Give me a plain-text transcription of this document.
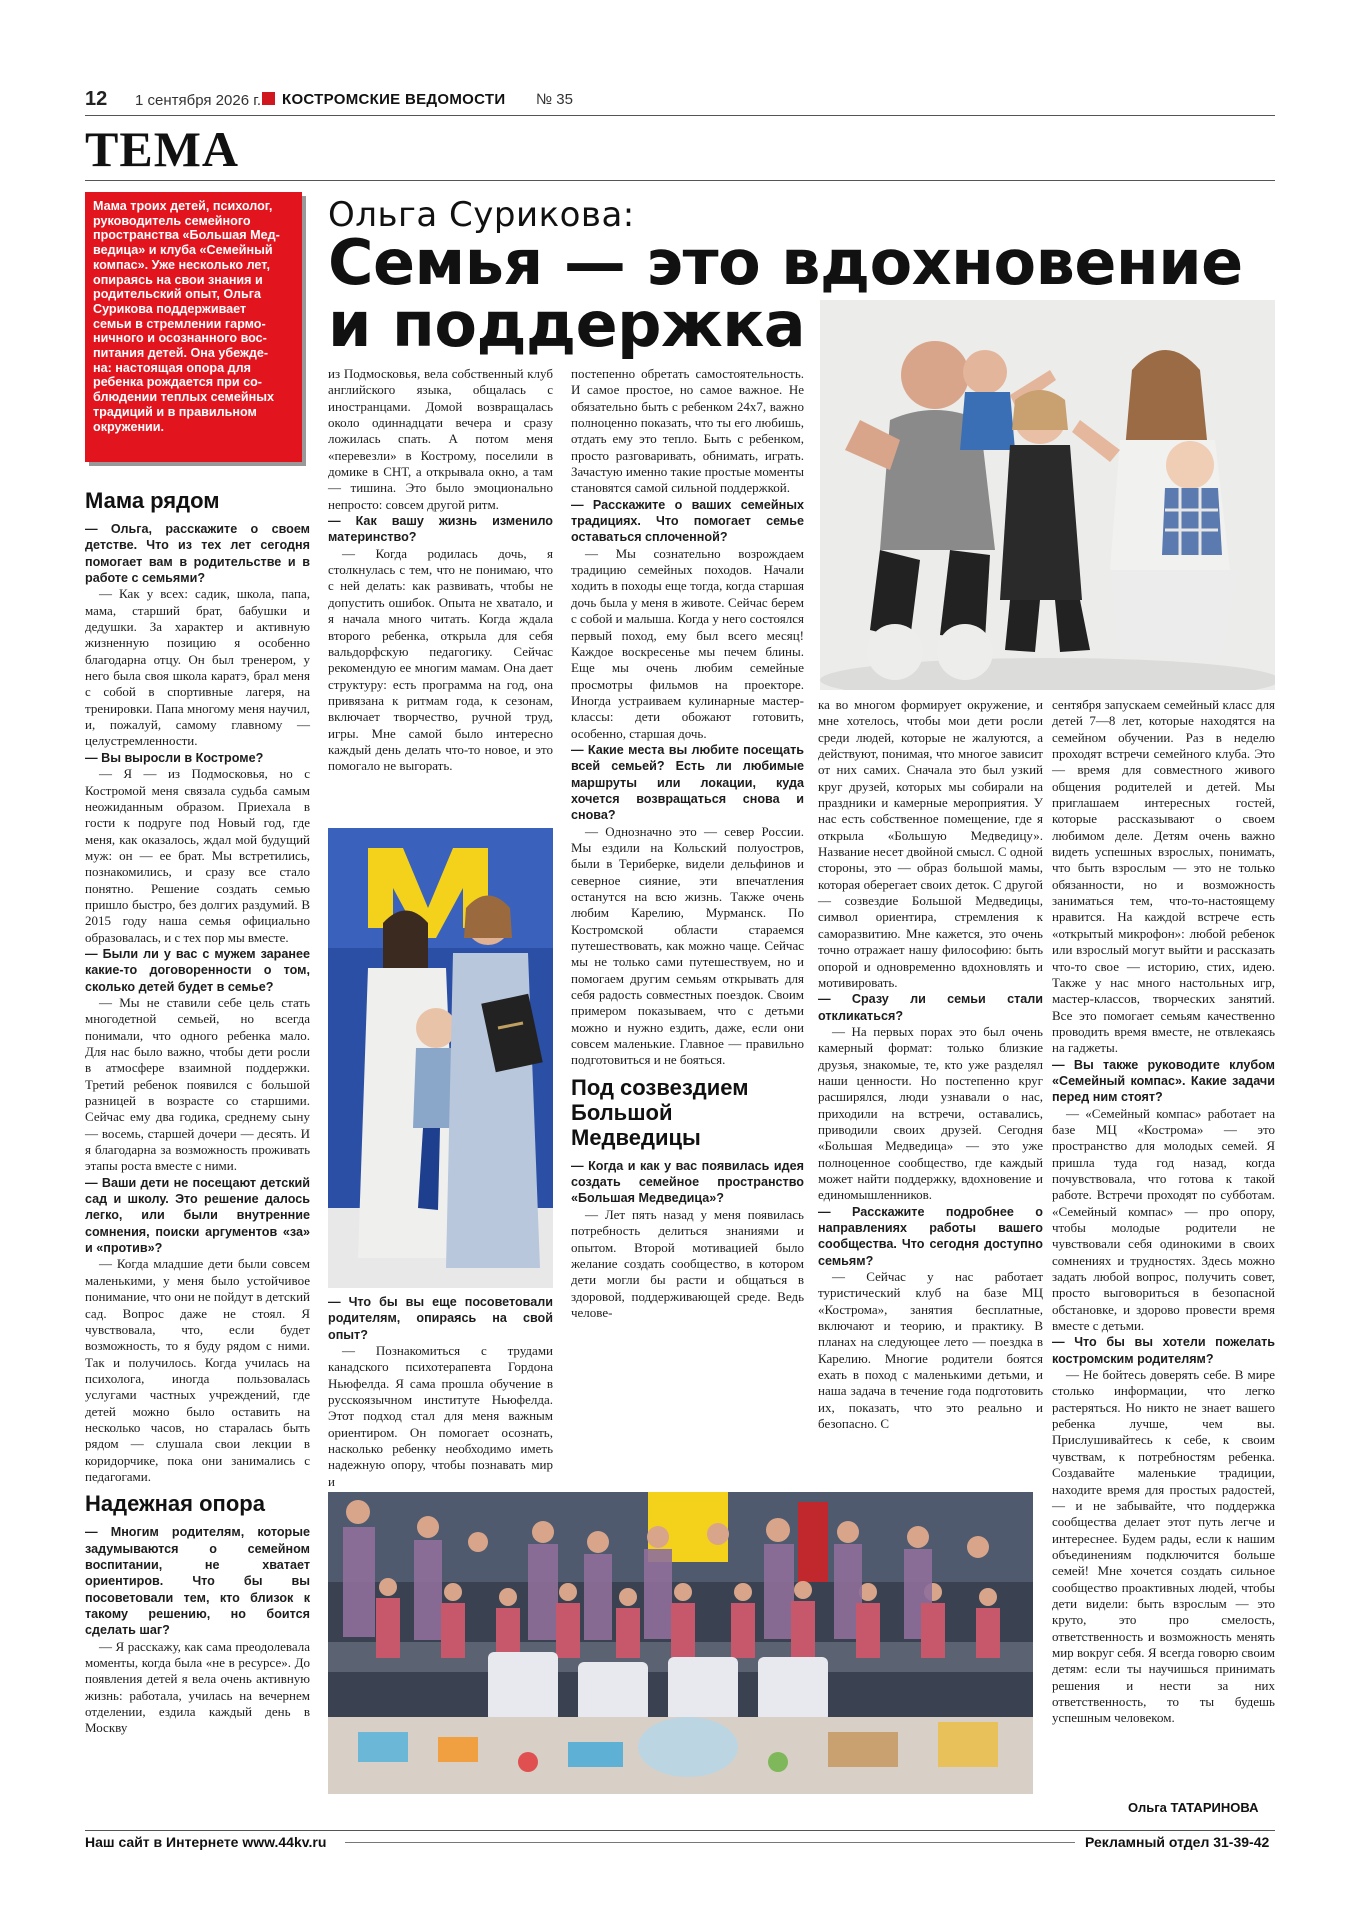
12 1 сентября 2026 г. КОСТРОМСКИЕ ВЕДОМОСТИ № 35
ТЕМА
Мама троих детей, психолог,
руководитель семейного
пространства «Большая Мед-
ведица» и клуба «Семейный
компас». Уже несколько лет,
опираясь на свои знания и
родительский опыт, Ольга
Сурикова поддерживает
семьи в стремлении гармо-
ничного и осознанного вос-
питания детей. Она убежде-
на: настоящая опора для
ребенка рождается при со-
блюдении теплых семейных
традиций и в правильном
окружении.
Ольга Сурикова:
Семья — это вдохновение
и поддержка
Мама рядом

— Ольга, расскажите о своем детстве. Что из тех лет сегодня помогает вам в родительстве и в работе с семьями?

— Как у всех: садик, школа, папа, мама, старший брат, бабушки и дедушки. За характер и активную жизненную позицию я особенно благодарна отцу. Он был тренером, у него была своя школа каратэ, брал меня с собой в спортивные лагеря, на тренировки. Папа многому меня научил, и, пожалуй, самому главному — целустремленности.

— Вы выросли в Костроме?

— Я — из Подмосковья, но с Костромой меня связала судьба самым неожиданным образом. Приехала в гости к подруге под Новый год, где меня, как оказалось, ждал мой будущий муж: он — ее брат. Мы встретились, познакомились, и сразу все стало понятно. Решение создать семью пришло быстро, без долгих раздумий. В 2015 году наша семья официально образовалась, и с тех пор мы вместе.

— Были ли у вас с мужем заранее какие-то договоренности о том, сколько детей будет в семье?

— Мы не ставили себе цель стать многодетной семьей, но всегда понимали, что одного ребенка мало. Для нас было важно, чтобы дети росли в атмосфере взаимной поддержки. Третий ребенок появился с большой разницей в возрасте со старшими. Сейчас ему два годика, среднему сыну — восемь, старшей дочери — десять. И я благодарна за возможность проживать этапы роста вместе с ними.

— Ваши дети не посещают детский сад и школу. Это решение далось легко, или были внутренние сомнения, поиски аргументов «за» и «против»?

— Когда младшие дети были совсем маленькими, у меня было устойчивое понимание, что они не пойдут в детский сад. Вопрос даже не стоял. Я чувствовала, что, если будет возможность, то я буду рядом с ними. Так и получилось. Когда училась на психолога, иногда пользовалась услугами частных учреждений, где детей можно было оставить на несколько часов, но старалась быть рядом — слушала свои лекции в коридорчике, пока они занимались с педагогами.

Надежная опора

— Многим родителям, которые задумываются о семейном воспитании, не хватает ориентиров. Что бы вы посоветовали тем, кто близок к такому решению, но боится сделать шаг?

— Я расскажу, как сама преодолевала моменты, когда была «не в ресурсе». До появления детей я вела очень активную жизнь: работала, училась на вечернем отделении, ездила каждый день в Москву

из Подмосковья, вела собственный клуб английского языка, общалась с иностранцами. Домой возвращалась около одиннадцати вечера и сразу ложилась спать. А потом меня «перевезли» в Кострому, поселили в домике в СНТ, а открывала окно, а там — тишина. Это было эмоционально непросто: совсем другой ритм.

— Как вашу жизнь изменило материнство?

— Когда родилась дочь, я столкнулась с тем, что не понимаю, что с ней делать: как развивать, чтобы не допустить ошибок. Опыта не хватало, и я начала много читать. Когда ждала второго ребенка, открыла для себя вальдорфскую педагогику. Сейчас рекомендую ее многим мамам. Она дает структуру: есть программа на год, она привязана к ритмам года, к сезонам, включает творчество, ручной труд, игры. Мне самой было интересно каждый день делать что-то новое, и это помогало не выгорать.

— Что бы вы еще посоветовали родителям, опираясь на свой опыт?

— Познакомиться с трудами канадского психотерапевта Гордона Ньюфелда. Я сама прошла обучение в русскоязычном институте Ньюфелда. Этот подход стал для меня важным ориентиром. Он помогает осознать, насколько ребенку необходимо иметь надежную опору, чтобы познавать мир и

постепенно обретать самостоятельность. И самое простое, но самое важное. Не обязательно быть с ребенком 24х7, важно полноценно показать, что ты его любишь, отдать ему это тепло. Быть с ребенком, просто разговаривать, обнимать, играть. Зачастую именно такие простые моменты становятся самой сильной поддержкой.

— Расскажите о ваших семейных традициях. Что помогает семье оставаться сплоченной?

— Мы сознательно возрождаем традицию семейных походов. Начали ходить в походы еще тогда, когда старшая дочь была у меня в животе. Сейчас берем с собой и малыша. Когда у него состоялся первый поход, ему был всего месяц! Каждое воскресенье мы печем блины. Еще мы очень любим семейные просмотры фильмов на проекторе. Иногда устраиваем кулинарные мастер-классы: дети обожают готовить, особенно, старшая дочь.

— Какие места вы любите посещать всей семьей? Есть ли любимые маршруты или локации, куда хочется возвращаться снова и снова?

— Однозначно это — север России. Мы ездили на Кольский полуостров, были в Териберке, видели дельфинов и северное сияние, эти впечатления останутся на всю жизнь. Также очень любим Карелию, Мурманск. По Костромской области стараемся путешествовать, как можно чаще. Сейчас мы не только сами путешествуем, но и помогаем другим семьям открывать для себя радость совместных поездок. Своим примером показываем, что с детьми можно и нужно ездить, даже, если они совсем маленькие. Главное — правильно подготовиться и не бояться.

Под созвездием Большой Медведицы

— Когда и как у вас появилась идея создать семейное пространство «Большая Медведица»?

— Лет пять назад у меня появилась потребность делиться знаниями и опытом. Второй мотивацией было желание создать сообщество, в котором дети могли бы расти и общаться в здоровой, поддерживающей среде. Ведь челове-

ка во многом формирует окружение, и мне хотелось, чтобы мои дети росли среди людей, которые не жалуются, а действуют, понимая, что многое зависит от них самих. Сначала это был узкий круг друзей, которых мы собирали на праздники и камерные мероприятия. У нас есть собственное помещение, где я открыла «Большую Медведицу». Название несет двойной смысл. С одной стороны, это — образ большой мамы, которая оберегает своих деток. С другой — созвездие Большой Медведицы, символ ориентира, стремления к саморазвитию. Мне кажется, это очень точно отражает нашу философию: быть опорой и одновременно вдохновлять и мотивировать.

— Сразу ли семьи стали откликаться?

— На первых порах это был очень камерный формат: только близкие друзья, знакомые, те, кто уже разделял наши ценности. Но постепенно круг расширялся, люди узнавали о нас, приходили на встречи, оставались, приводили своих друзей. Сегодня «Большая Медведица» — это уже полноценное сообщество, где каждый может найти поддержку, вдохновение и единомышленников.

— Расскажите подробнее о направлениях работы вашего сообщества. Что сегодня доступно семьям?

— Сейчас у нас работает туристический клуб на базе МЦ «Кострома», занятия бесплатные, включают и теорию, и практику. В планах на следующее лето — поездка в Карелию. Многие родители боятся ехать в поход с маленькими детьми, и наша задача в течение года подготовить их, показать, что это реально и безопасно. С

сентября запускаем семейный класс для детей 7—8 лет, которые находятся на семейном обучении. Раз в неделю проходят встречи семейного клуба. Это — время для совместного живого общения родителей и детей. Мы приглашаем интересных гостей, которые рассказывают о своем любимом деле. Детям очень важно видеть успешных взрослых, понимать, что быть взрослым — это не только обязанности, но и возможность заниматься тем, что-то-настоящему нравится. На каждой встрече есть «открытый микрофон»: любой ребенок или взрослый могут выйти и рассказать что-то свое — историю, стих, идею. Также у нас много настольных игр, мастер-классов, творческих занятий. Все это помогает семьям качественно проводить время вместе, не отвлекаясь на гаджеты.

— Вы также руководите клубом «Семейный компас». Какие задачи перед ним стоят?

— «Семейный компас» работает на базе МЦ «Кострома» — это пространство для молодых семей. Я пришла туда год назад, когда почувствовала, что готова к такой работе. Встречи проходят по субботам. «Семейный компас» — про опору, чтобы молодые родители не чувствовали себя одинокими в своих сомнениях и трудностях. Здесь можно задать любой вопрос, получить совет, просто выговориться в безопасной обстановке, и здорово провести время вместе с детьми.

— Что бы вы хотели пожелать костромским родителям?

— Не бойтесь доверять себе. В мире столько информации, что легко растеряться. Но никто не знает вашего ребенка лучше, чем вы. Прислушивайтесь к себе, к своим чувствам, к потребностям ребенка. Создавайте маленькие традиции, находите время для простых радостей, — и не забывайте, что поддержка сообщества делает этот путь легче и интереснее. Будем рады, если к нашим объединениям подключится больше семей! Мне хочется создать сильное сообщество проактивных людей, чтобы дети видели: быть взрослым — это круто, это про смелость, ответственность и возможность менять мир вокруг себя. Я всегда говорю своим детям: если ты научишься принимать решения и нести за них ответственность, то ты будешь успешным человеком.

Ольга ТАТАРИНОВА
Наш сайт в Интернете www.44kv.ru	Рекламный отдел 31-39-42
